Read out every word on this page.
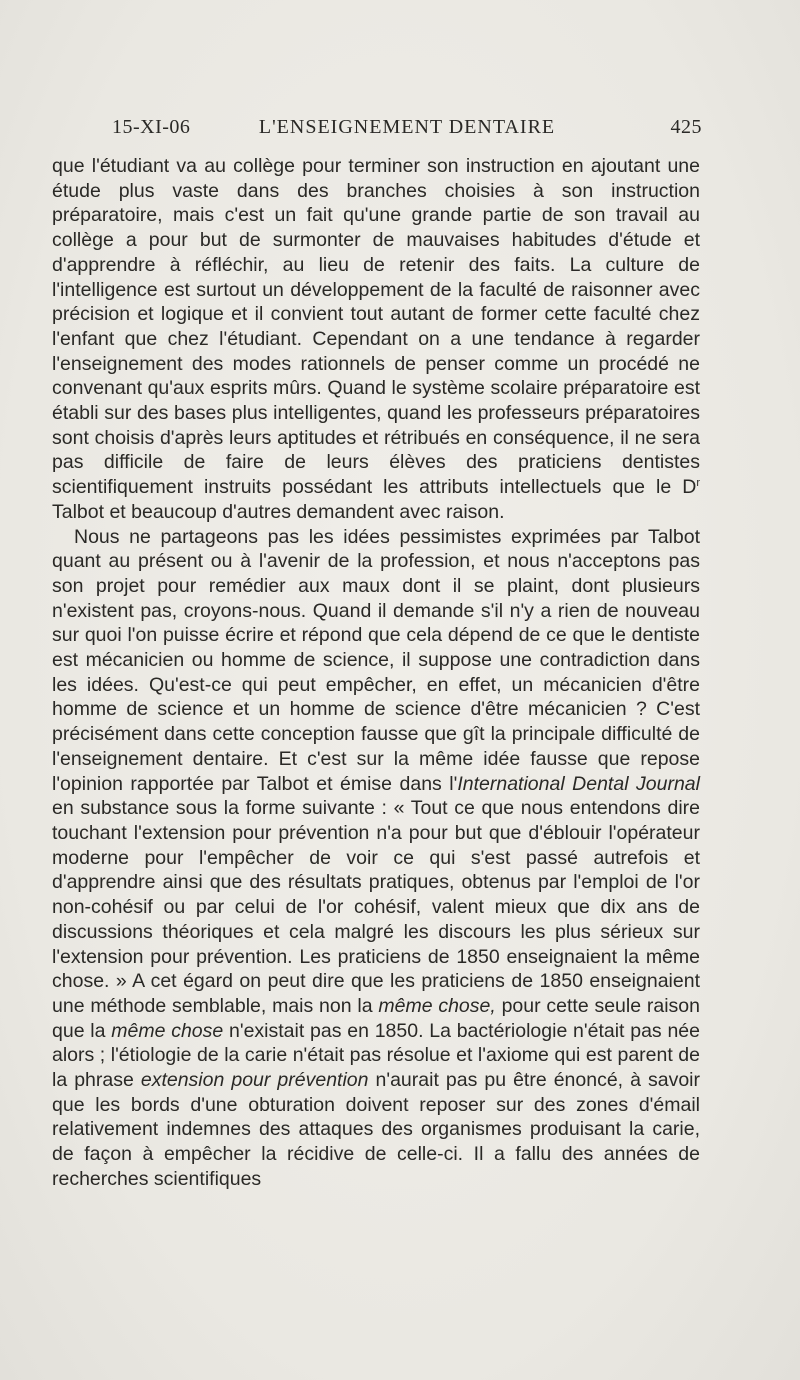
15-XI-06	L'ENSEIGNEMENT DENTAIRE	425

que l'étudiant va au collège pour terminer son instruction en ajoutant une étude plus vaste dans des branches choisies à son instruction préparatoire, mais c'est un fait qu'une grande partie de son travail au collège a pour but de surmonter de mauvaises habitudes d'étude et d'apprendre à réfléchir, au lieu de retenir des faits. La culture de l'intelligence est surtout un développement de la faculté de raisonner avec précision et logique et il convient tout autant de former cette faculté chez l'enfant que chez l'étudiant. Cependant on a une tendance à regarder l'enseignement des modes rationnels de penser comme un procédé ne convenant qu'aux esprits mûrs. Quand le système scolaire préparatoire est établi sur des bases plus intelligentes, quand les professeurs préparatoires sont choisis d'après leurs aptitudes et rétribués en conséquence, il ne sera pas difficile de faire de leurs élèves des praticiens dentistes scientifiquement instruits possédant les attributs intellectuels que le $D^r$ Talbot et beaucoup d'autres demandent avec raison.

Nous ne partageons pas les idées pessimistes exprimées par Talbot quant au présent ou à l'avenir de la profession, et nous n'acceptons pas son projet pour remédier aux maux dont il se plaint, dont plusieurs n'existent pas, croyons-nous. Quand il demande s'il n'y a rien de nouveau sur quoi l'on puisse écrire et répond que cela dépend de ce que le dentiste est mécanicien ou homme de science, il suppose une contradiction dans les idées. Qu'est-ce qui peut empêcher, en effet, un mécanicien d'être homme de science et un homme de science d'être mécanicien ? C'est précisément dans cette conception fausse que gît la principale difficulté de l'enseignement dentaire. Et c'est sur la même idée fausse que repose l'opinion rapportée par Talbot et émise dans l'International Dental Journal en substance sous la forme suivante : « Tout ce que nous entendons dire touchant l'extension pour prévention n'a pour but que d'éblouir l'opérateur moderne pour l'empêcher de voir ce qui s'est passé autrefois et d'apprendre ainsi que des résultats pratiques, obtenus par l'emploi de l'or non-cohésif ou par celui de l'or cohésif, valent mieux que dix ans de discussions théoriques et cela malgré les discours les plus sérieux sur l'extension pour prévention. Les praticiens de 1850 enseignaient la même chose. » A cet égard on peut dire que les praticiens de 1850 enseignaient une méthode semblable, mais non la même chose, pour cette seule raison que la même chose n'existait pas en 1850. La bactériologie n'était pas née alors ; l'étiologie de la carie n'était pas résolue et l'axiome qui est parent de la phrase extension pour prévention n'aurait pas pu être énoncé, à savoir que les bords d'une obturation doivent reposer sur des zones d'émail relativement indemnes des attaques des organismes produisant la carie, de façon à empêcher la récidive de celle-ci. Il a fallu des années de recherches scientifiques
